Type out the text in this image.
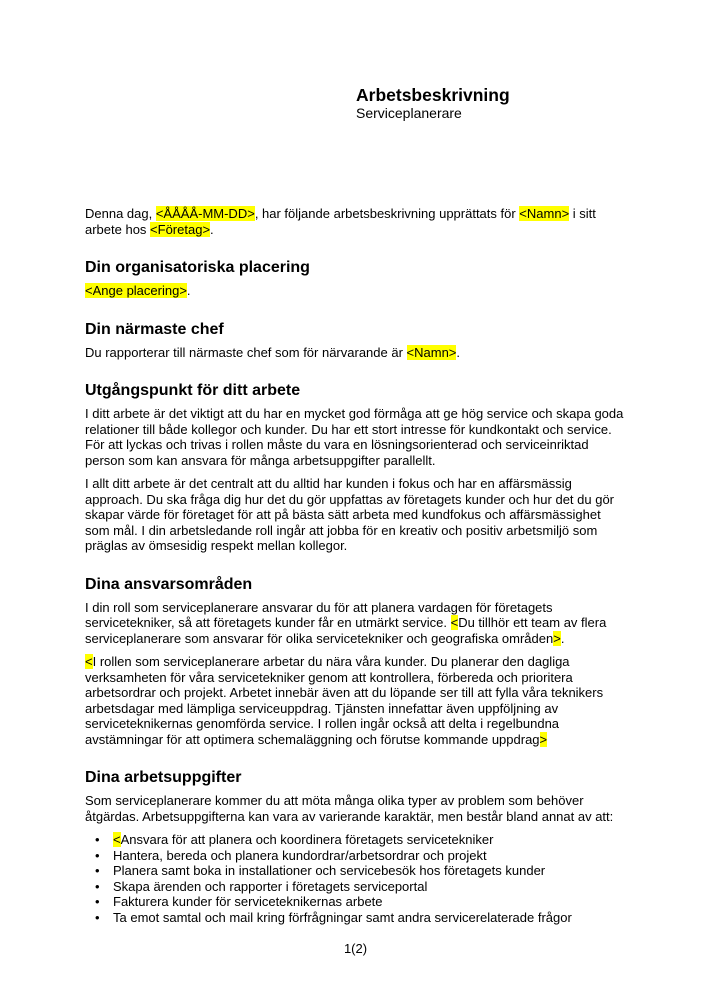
Arbetsbeskrivning
Serviceplanerare

Denna dag, <ÅÅÅÅ-MM-DD>, har följande arbetsbeskrivning upprättats för <Namn> i sitt arbete hos <Företag>.

Din organisatoriska placering

<Ange placering>.

Din närmaste chef

Du rapporterar till närmaste chef som för närvarande är <Namn>.

Utgångspunkt för ditt arbete

I ditt arbete är det viktigt att du har en mycket god förmåga att ge hög service och skapa goda relationer till både kollegor och kunder. Du har ett stort intresse för kundkontakt och service. För att lyckas och trivas i rollen måste du vara en lösningsorienterad och serviceinriktad person som kan ansvara för många arbetsuppgifter parallellt.

I allt ditt arbete är det centralt att du alltid har kunden i fokus och har en affärsmässig approach. Du ska fråga dig hur det du gör uppfattas av företagets kunder och hur det du gör skapar värde för företaget för att på bästa sätt arbeta med kundfokus och affärsmässighet som mål. I din arbetsledande roll ingår att jobba för en kreativ och positiv arbetsmiljö som präglas av ömsesidig respekt mellan kollegor.

Dina ansvarsområden

I din roll som serviceplanerare ansvarar du för att planera vardagen för företagets servicetekniker, så att företagets kunder får en utmärkt service. <Du tillhör ett team av flera serviceplanerare som ansvarar för olika servicetekniker och geografiska områden>.

<I rollen som serviceplanerare arbetar du nära våra kunder. Du planerar den dagliga verksamheten för våra servicetekniker genom att kontrollera, förbereda och prioritera arbetsordrar och projekt. Arbetet innebär även att du löpande ser till att fylla våra teknikers arbetsdagar med lämpliga serviceuppdrag. Tjänsten innefattar även uppföljning av serviceteknikernas genomförda service. I rollen ingår också att delta i regelbundna avstämningar för att optimera schemaläggning och förutse kommande uppdrag>

Dina arbetsuppgifter

Som serviceplanerare kommer du att möta många olika typer av problem som behöver åtgärdas. Arbetsuppgifterna kan vara av varierande karaktär, men består bland annat av att:

• <Ansvara för att planera och koordinera företagets servicetekniker
• Hantera, bereda och planera kundordrar/arbetsordrar och projekt
• Planera samt boka in installationer och servicebesök hos företagets kunder
• Skapa ärenden och rapporter i företagets serviceportal
• Fakturera kunder för serviceteknikernas arbete
• Ta emot samtal och mail kring förfrågningar samt andra servicerelaterade frågor
1(2)
